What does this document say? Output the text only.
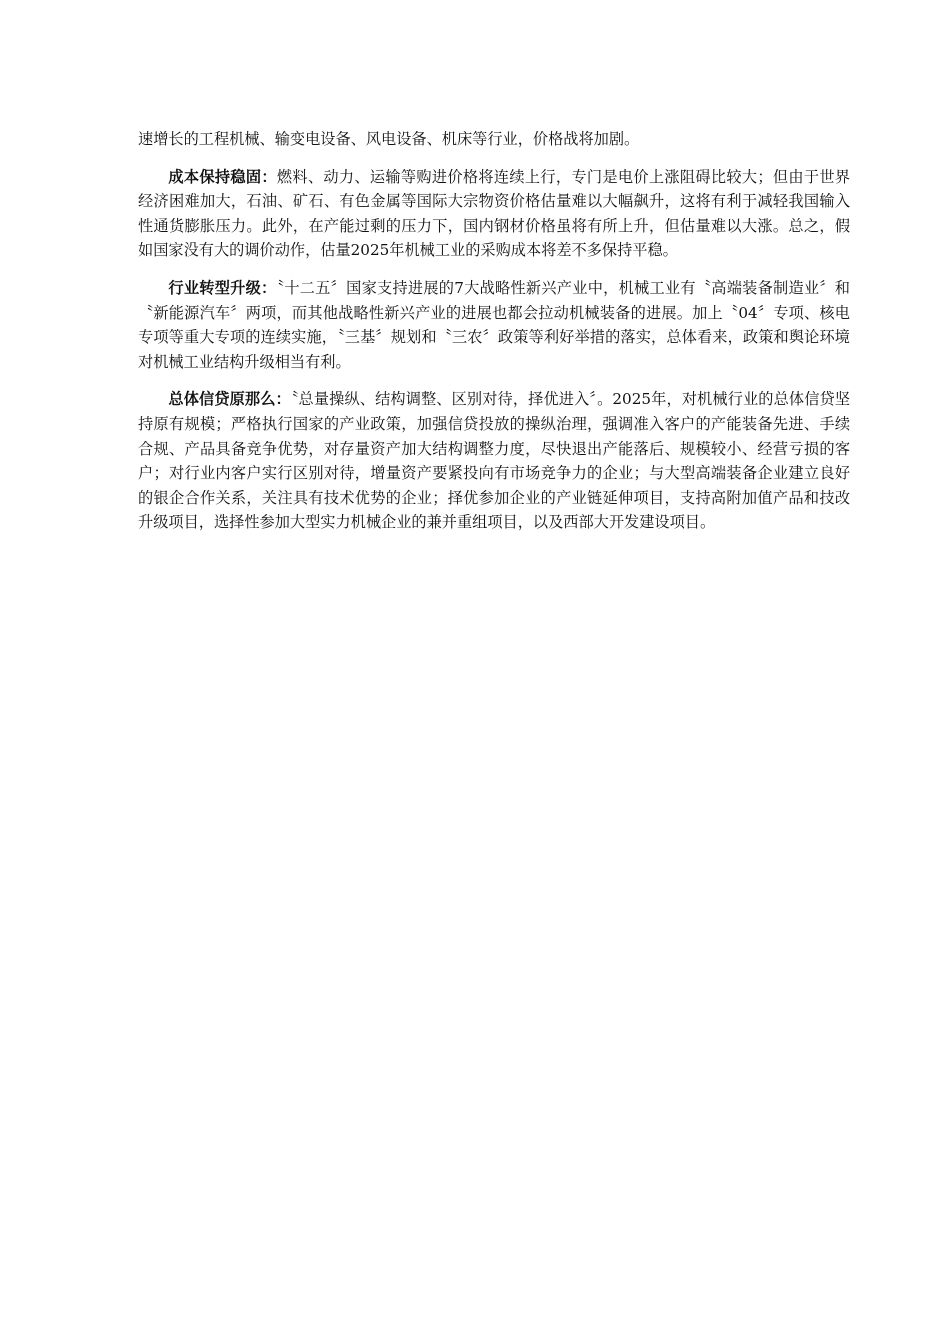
速增长的工程机械、输变电设备、风电设备、机床等行业，价格战将加剧。

成本保持稳固：燃料、动力、运输等购进价格将连续上行，专门是电价上涨阻碍比较大；但由于世界经济困难加大，石油、矿石、有色金属等国际大宗物资价格估量难以大幅飙升，这将有利于减轻我国输入性通货膨胀压力。此外，在产能过剩的压力下，国内钢材价格虽将有所上升，但估量难以大涨。总之，假如国家没有大的调价动作，估量2025年机械工业的采购成本将差不多保持平稳。

行业转型升级：〝十二五〞国家支持进展的7大战略性新兴产业中，机械工业有〝高端装备制造业〞和〝新能源汽车〞两项，而其他战略性新兴产业的进展也都会拉动机械装备的进展。加上〝04〞专项、核电专项等重大专项的连续实施，〝三基〞规划和〝三农〞政策等利好举措的落实，总体看来，政策和舆论环境对机械工业结构升级相当有利。

总体信贷原那么：〝总量操纵、结构调整、区别对待，择优进入〞。2025年，对机械行业的总体信贷坚持原有规模；严格执行国家的产业政策，加强信贷投放的操纵治理，强调准入客户的产能装备先进、手续合规、产品具备竞争优势，对存量资产加大结构调整力度，尽快退出产能落后、规模较小、经营亏损的客户；对行业内客户实行区别对待，增量资产要紧投向有市场竞争力的企业；与大型高端装备企业建立良好的银企合作关系，关注具有技术优势的企业；择优参加企业的产业链延伸项目，支持高附加值产品和技改升级项目，选择性参加大型实力机械企业的兼并重组项目，以及西部大开发建设项目。
